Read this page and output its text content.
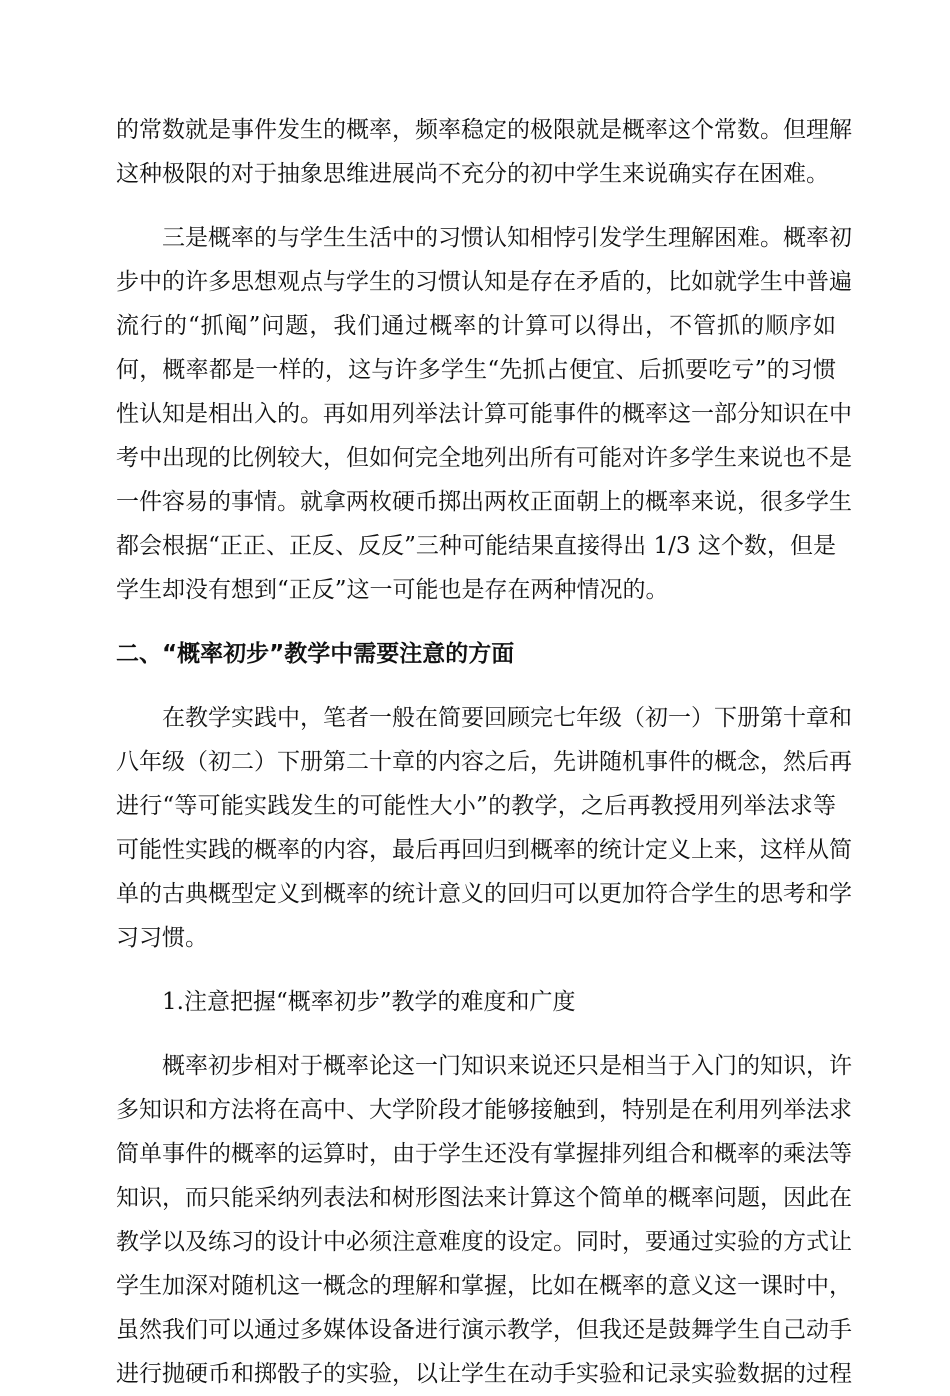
的常数就是事件发生的概率，频率稳定的极限就是概率这个常数。但理解
这种极限的对于抽象思维进展尚不充分的初中学生来说确实存在困难。
　　三是概率的与学生生活中的习惯认知相悖引发学生理解困难。概率初
步中的许多思想观点与学生的习惯认知是存在矛盾的，比如就学生中普遍
流行的“抓阄”问题，我们通过概率的计算可以得出，不管抓的顺序如
何，概率都是一样的，这与许多学生“先抓占便宜、后抓要吃亏”的习惯
性认知是相出入的。再如用列举法计算可能事件的概率这一部分知识在中
考中出现的比例较大，但如何完全地列出所有可能对许多学生来说也不是
一件容易的事情。就拿两枚硬币掷出两枚正面朝上的概率来说，很多学生
都会根据“正正、正反、反反”三种可能结果直接得出 1/3 这个数，但是
学生却没有想到“正反”这一可能也是存在两种情况的。
二、“概率初步”教学中需要注意的方面
　　在教学实践中，笔者一般在简要回顾完七年级（初一）下册第十章和
八年级（初二）下册第二十章的内容之后，先讲随机事件的概念，然后再
进行“等可能实践发生的可能性大小”的教学，之后再教授用列举法求等
可能性实践的概率的内容，最后再回归到概率的统计定义上来，这样从简
单的古典概型定义到概率的统计意义的回归可以更加符合学生的思考和学
习习惯。
1.注意把握“概率初步”教学的难度和广度
　　概率初步相对于概率论这一门知识来说还只是相当于入门的知识，许
多知识和方法将在高中、大学阶段才能够接触到，特别是在利用列举法求
简单事件的概率的运算时，由于学生还没有掌握排列组合和概率的乘法等
知识，而只能采纳列表法和树形图法来计算这个简单的概率问题，因此在
教学以及练习的设计中必须注意难度的设定。同时，要通过实验的方式让
学生加深对随机这一概念的理解和掌握，比如在概率的意义这一课时中，
虽然我们可以通过多媒体设备进行演示教学，但我还是鼓舞学生自己动手
进行抛硬币和掷骰子的实验，以让学生在动手实验和记录实验数据的过程
